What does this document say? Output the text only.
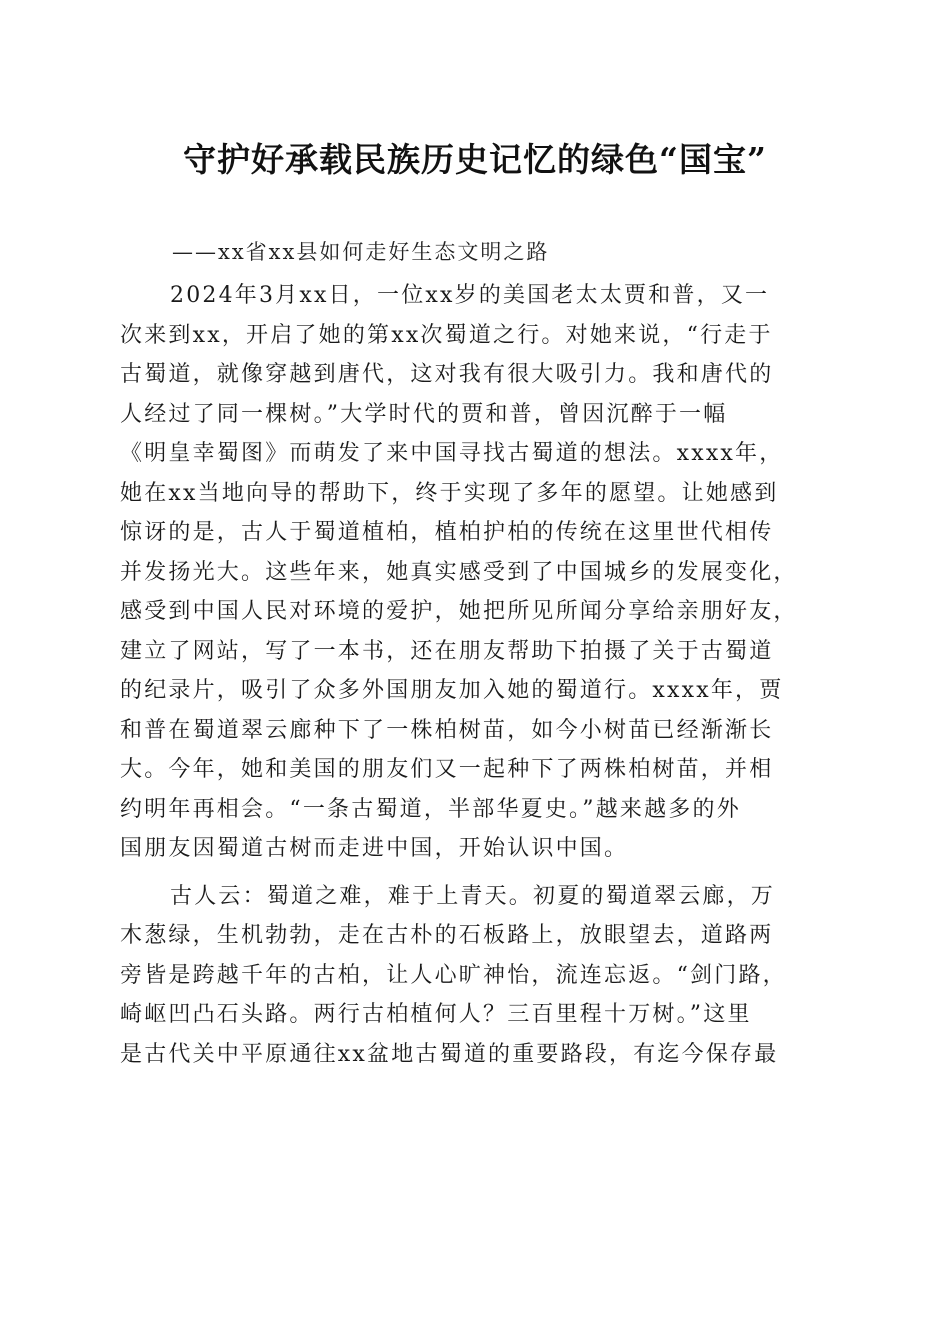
守护好承载民族历史记忆的绿色“国宝”
——xx省xx县如何走好生态文明之路
2024年3月xx日，一位xx岁的美国老太太贾和普，又一
次来到xx，开启了她的第xx次蜀道之行。对她来说，“行走于
古蜀道，就像穿越到唐代，这对我有很大吸引力。我和唐代的
人经过了同一棵树。”大学时代的贾和普，曾因沉醉于一幅
《明皇幸蜀图》而萌发了来中国寻找古蜀道的想法。xxxx年，
她在xx当地向导的帮助下，终于实现了多年的愿望。让她感到
惊讶的是，古人于蜀道植柏，植柏护柏的传统在这里世代相传
并发扬光大。这些年来，她真实感受到了中国城乡的发展变化，
感受到中国人民对环境的爱护，她把所见所闻分享给亲朋好友，
建立了网站，写了一本书，还在朋友帮助下拍摄了关于古蜀道
的纪录片，吸引了众多外国朋友加入她的蜀道行。xxxx年，贾
和普在蜀道翠云廊种下了一株柏树苗，如今小树苗已经渐渐长
大。今年，她和美国的朋友们又一起种下了两株柏树苗，并相
约明年再相会。“一条古蜀道，半部华夏史。”越来越多的外
国朋友因蜀道古树而走进中国，开始认识中国。
古人云：蜀道之难，难于上青天。初夏的蜀道翠云廊，万
木葱绿，生机勃勃，走在古朴的石板路上，放眼望去，道路两
旁皆是跨越千年的古柏，让人心旷神怡，流连忘返。“剑门路，
崎岖凹凸石头路。两行古柏植何人？三百里程十万树。”这里
是古代关中平原通往xx盆地古蜀道的重要路段，有迄今保存最
